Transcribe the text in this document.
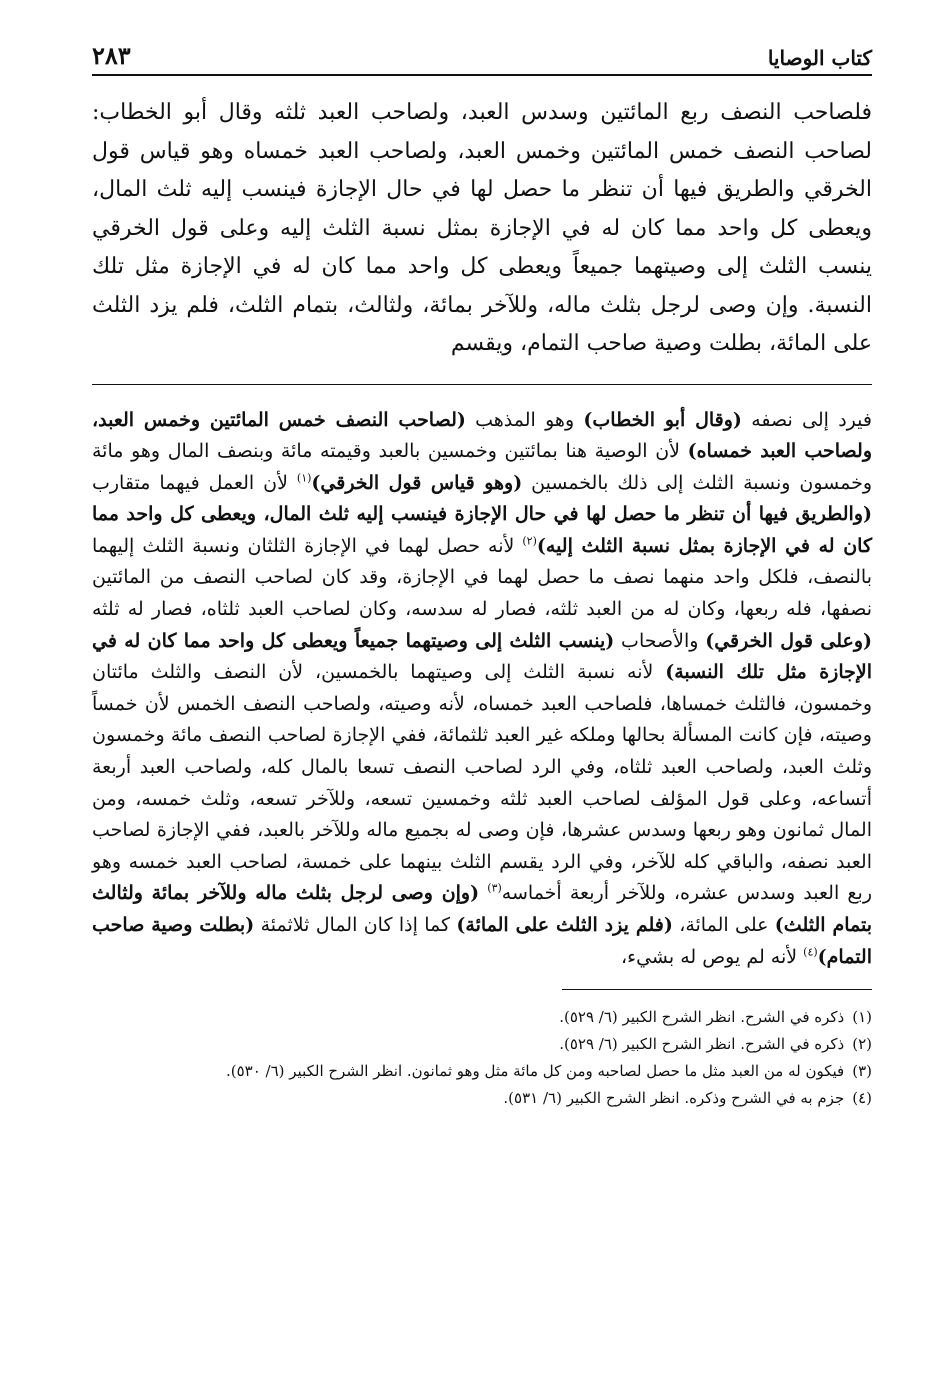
كتاب الوصايا
٢٨٣

فلصاحب النصف ربع المائتين وسدس العبد، ولصاحب العبد ثلثه وقال أبو الخطاب: لصاحب النصف خمس المائتين وخمس العبد، ولصاحب العبد خمساه وهو قياس قول الخرقي والطريق فيها أن تنظر ما حصل لها في حال الإجازة فينسب إليه ثلث المال، ويعطى كل واحد مما كان له في الإجازة بمثل نسبة الثلث إليه وعلى قول الخرقي ينسب الثلث إلى وصيتهما جميعاً ويعطى كل واحد مما كان له في الإجازة مثل تلك النسبة. وإن وصى لرجل بثلث ماله، وللآخر بمائة، ولثالث، بتمام الثلث، فلم يزد الثلث على المائة، بطلت وصية صاحب التمام، ويقسم

فيرد إلى نصفه (وقال أبو الخطاب) وهو المذهب (لصاحب النصف خمس المائتين وخمس العبد، ولصاحب العبد خمساه) لأن الوصية هنا بمائتين وخمسين بالعبد وقيمته مائة وبنصف المال وهو مائة وخمسون ونسبة الثلث إلى ذلك بالخمسين (وهو قياس قول الخرقي)$^{(١)}$ لأن العمل فيهما متقارب (والطريق فيها أن تنظر ما حصل لها في حال الإجازة فينسب إليه ثلث المال، ويعطى كل واحد مما كان له في الإجازة بمثل نسبة الثلث إليه)$^{(٢)}$ لأنه حصل لهما في الإجازة الثلثان ونسبة الثلث إليهما بالنصف، فلكل واحد منهما نصف ما حصل لهما في الإجازة، وقد كان لصاحب النصف من المائتين نصفها، فله ربعها، وكان له من العبد ثلثه، فصار له سدسه، وكان لصاحب العبد ثلثاه، فصار له ثلثه (وعلى قول الخرقي) والأصحاب (ينسب الثلث إلى وصيتهما جميعاً ويعطى كل واحد مما كان له في الإجازة مثل تلك النسبة) لأنه نسبة الثلث إلى وصيتهما بالخمسين، لأن النصف والثلث مائتان وخمسون، فالثلث خمساها، فلصاحب العبد خمساه، لأنه وصيته، ولصاحب النصف الخمس لأن خمساً وصيته، فإن كانت المسألة بحالها وملكه غير العبد ثلثمائة، ففي الإجازة لصاحب النصف مائة وخمسون وثلث العبد، ولصاحب العبد ثلثاه، وفي الرد لصاحب النصف تسعا بالمال كله، ولصاحب العبد أربعة أتساعه، وعلى قول المؤلف لصاحب العبد ثلثه وخمسين تسعه، وللآخر تسعه، وثلث خمسه، ومن المال ثمانون وهو ربعها وسدس عشرها، فإن وصى له بجميع ماله وللآخر بالعبد، ففي الإجازة لصاحب العبد نصفه، والباقي كله للآخر، وفي الرد يقسم الثلث بينهما على خمسة، لصاحب العبد خمسه وهو ربع العبد وسدس عشره، وللآخر أربعة أخماسه$^{(٣)}$ (وإن وصى لرجل بثلث ماله وللآخر بمائة ولثالث بتمام الثلث) على المائة، (فلم يزد الثلث على المائة) كما إذا كان المال ثلاثمئة (بطلت وصية صاحب التمام)$^{(٤)}$ لأنه لم يوص له بشيء،

(١)ذكره في الشرح. انظر الشرح الكبير (٦/ ٥٢٩).
(٢)ذكره في الشرح. انظر الشرح الكبير (٦/ ٥٢٩).
(٣)فيكون له من العبد مثل ما حصل لصاحبه ومن كل مائة مثل وهو ثمانون. انظر الشرح الكبير (٦/ ٥٣٠).
(٤)جزم به في الشرح وذكره. انظر الشرح الكبير (٦/ ٥٣١).
